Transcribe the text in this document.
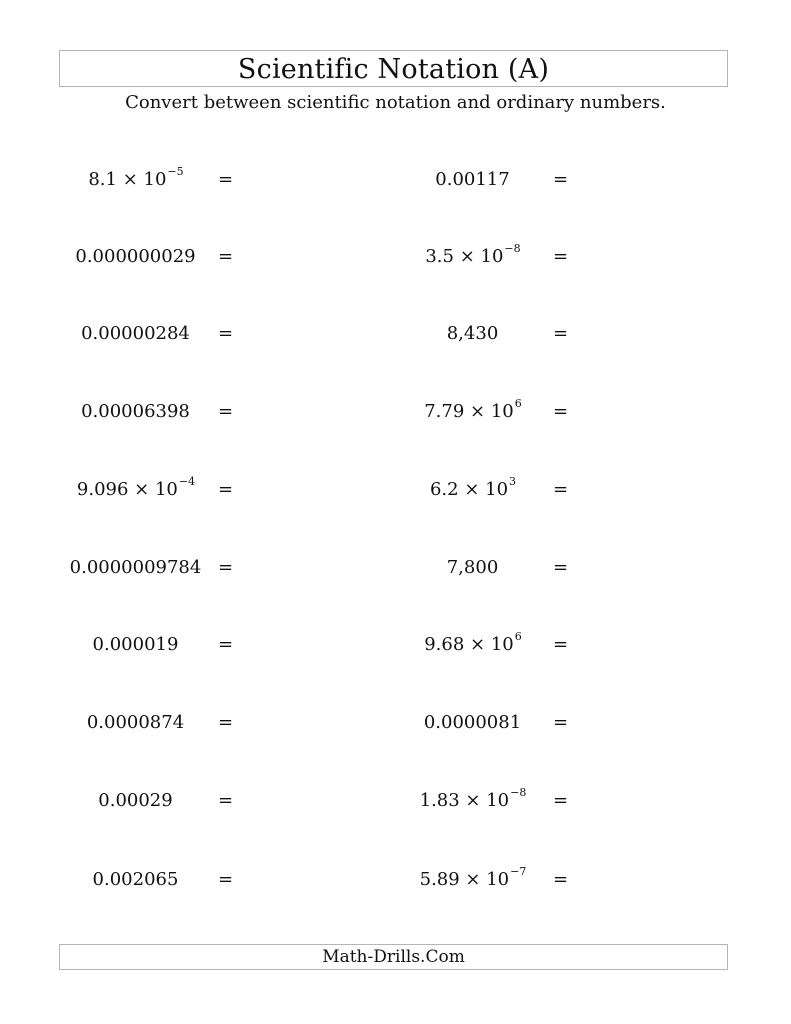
Scientific Notation (A)
Convert between scientific notation and ordinary numbers.
$8.1 \times 10^{-5}$	=	0.00117	=
0.000000029	=	$3.5 \times 10^{-8}$	=
0.00000284	=	8,430	=
0.00006398	=	$7.79 \times 10^6$	=
$9.096 \times 10^{-4}$	=	$6.2 \times 10^3$	=
0.0000009784 =	7,800	=
0.000019	=	$9.68 \times 10^6$	=
0.0000874	=	0.0000081	=
0.00029	=	$1.83 \times 10^{-8}$	=
0.002065	=	$5.89 \times 10^{-7}$	=
Math-Drills.Com
